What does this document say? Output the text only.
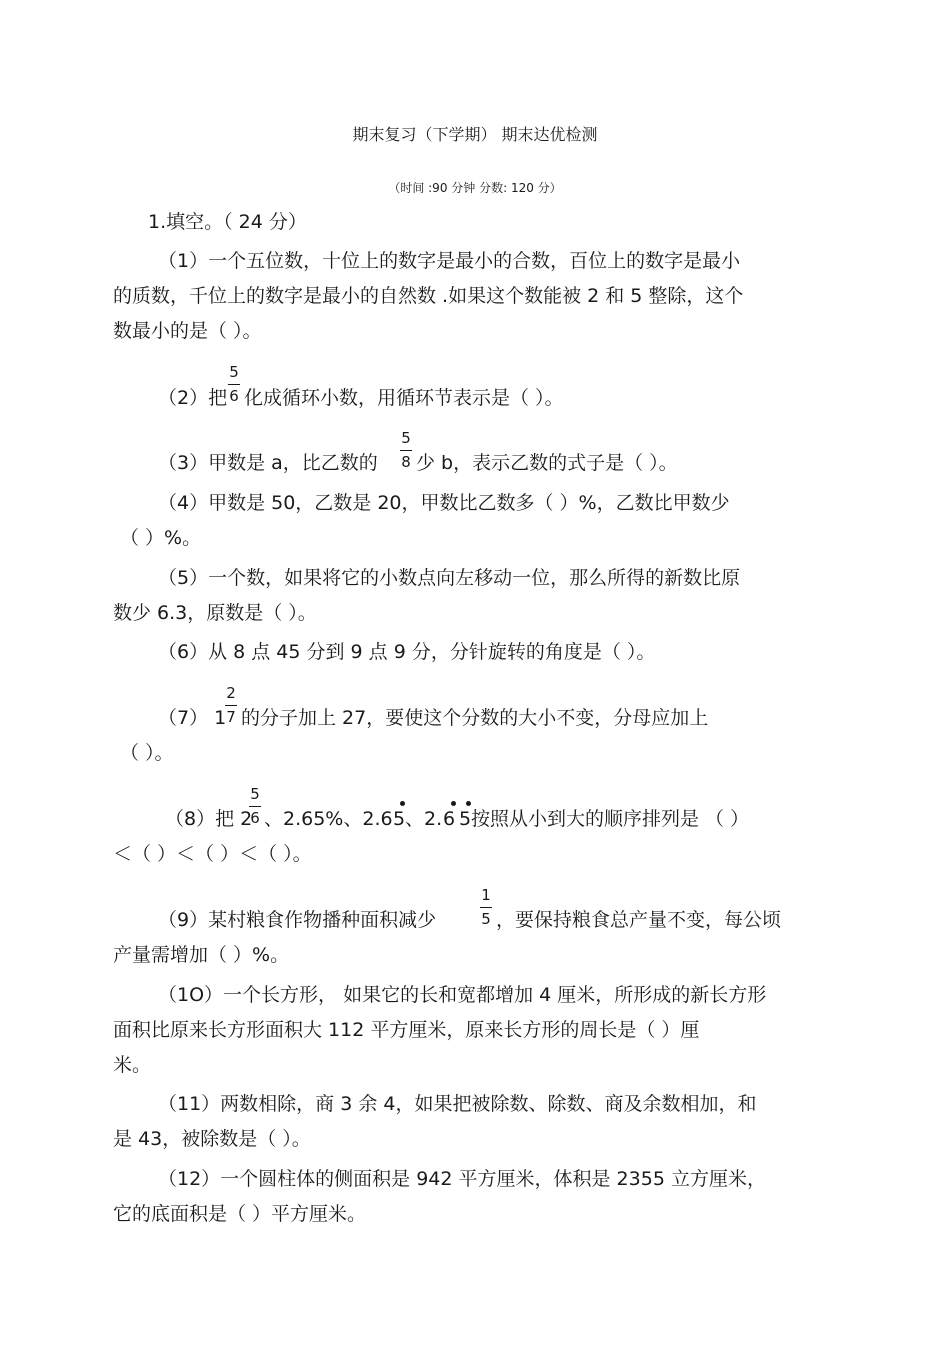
期末复习（下学期） 期末达优检测
（时间 :90 分钟 分数: 120 分）
1.填空。（ 24 分）
（1）一个五位数，十位上的数字是最小的合数，百位上的数字是最小
的质数，千位上的数字是最小的自然数 .如果这个数能被 2 和 5 整除，这个
数最小的是（ ）。
（2）把
5
6 化成循环小数，用循环节表示是（ ）。
（3）甲数是 a，比乙数的
5
8 少 b，表示乙数的式子是（ ）。
（4）甲数是 50，乙数是 20，甲数比乙数多（ ）%，乙数比甲数少
（ ）%。
（5）一个数，如果将它的小数点向左移动一位，那么所得的新数比原
数少 6.3，原数是（ ）。
（6）从 8 点 45 分到 9 点 9 分，分针旋转的角度是（ ）。
（7） 1
2
7 的分子加上 27，要使这个分数的大小不变，分母应加上
（ ）。
（8）把 2
5
6 、2.65%、2.6 5 、2. 6 5 按照从小到大的顺序排列是 （ ）
＜（ ）＜（ ）＜（ ）。
（9）某村粮食作物播种面积减少
1
5 ，要保持粮食总产量不变，每公顷
产量需增加（ ）%。
（1O）一个长方形， 如果它的长和宽都增加 4 厘米，所形成的新长方形
面积比原来长方形面积大 112 平方厘米，原来长方形的周长是（ ）厘
米。
（11）两数相除，商 3 余 4，如果把被除数、除数、商及余数相加，和
是 43，被除数是（ ）。
（12）一个圆柱体的侧面积是 942 平方厘米，体积是 2355 立方厘米，
它的底面积是（ ）平方厘米。
